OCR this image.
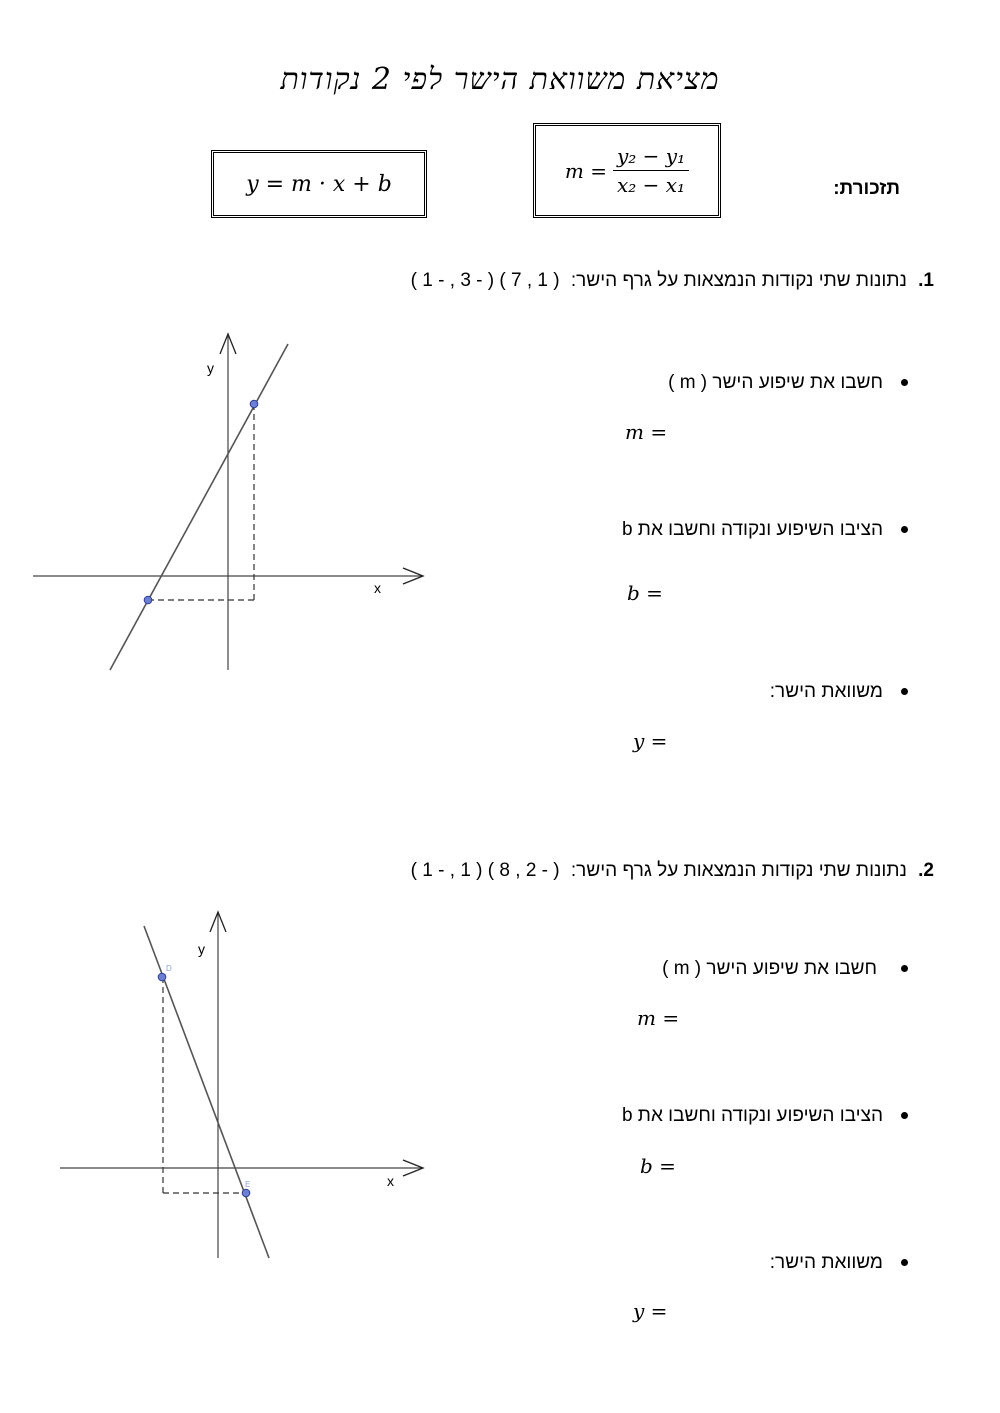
מציאת משוואת הישר לפי 2 נקודות
תזכורת:
y = m · x + b
$m = \frac{\text{y₂ − y₁}}{\text{x₂ − x₁}}$
1. נתונות שתי נקודות הנמצאות על גרף הישר: ( 1 , 7 ) ( - 3 , - 1 )
x
y
חשבו את שיפוע הישר ( m )
m =
הציבו השיפוע ונקודה וחשבו את b
b =
משוואת הישר:
y =
2. נתונות שתי נקודות הנמצאות על גרף הישר: ( - 2 , 8 ) ( 1 , - 1 )
D
E	x
y
חשבו את שיפוע הישר ( m )
m =
הציבו השיפוע ונקודה וחשבו את b
b =
משוואת הישר:
y =
